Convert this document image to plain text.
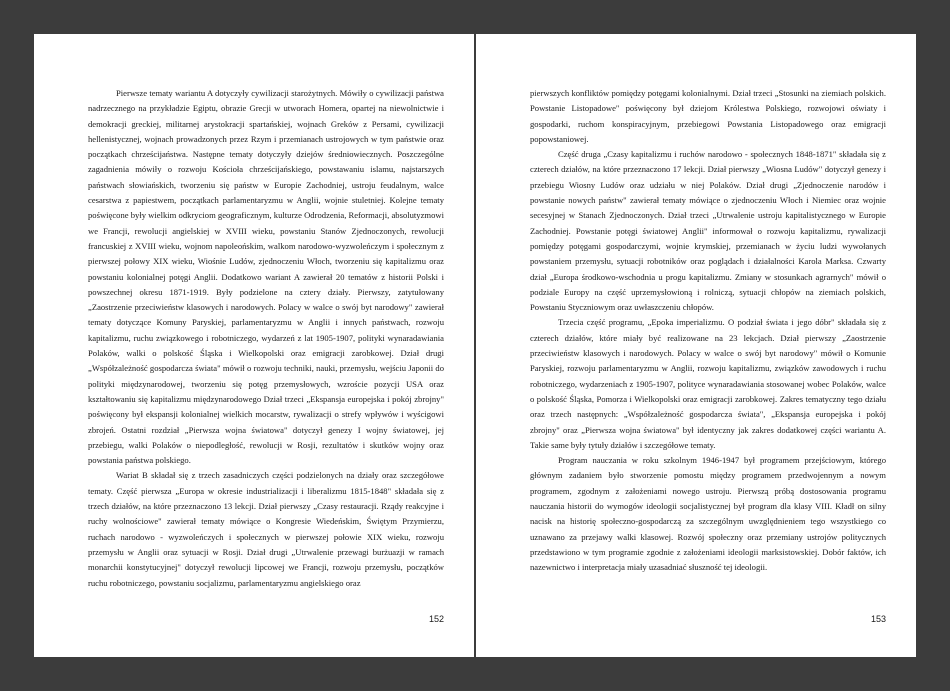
Pierwsze tematy wariantu A dotyczyły cywilizacji starożytnych. Mówiły o cywilizacji państwa nadrzecznego na przykładzie Egiptu, obrazie Grecji w utworach Homera, opartej na niewolnictwie i demokracji greckiej, militarnej arystokracji spartańskiej, wojnach Greków z Persami, cywilizacji hellenistycznej, wojnach prowadzonych przez Rzym i przemianach ustrojowych w tym państwie oraz początkach chrześcijaństwa. Następne tematy dotyczyły dziejów średniowiecznych. Poszczególne zagadnienia mówiły o rozwoju Kościoła chrześcijańskiego, powstawaniu islamu, najstarszych państwach słowiańskich, tworzeniu się państw w Europie Zachodniej, ustroju feudalnym, walce cesarstwa z papiestwem, początkach parlamentaryzmu w Anglii, wojnie stuletniej. Kolejne tematy poświęcone były wielkim odkryciom geograficznym, kulturze Odrodzenia, Reformacji, absolutyzmowi we Francji, rewolucji angielskiej w XVIII wieku, powstaniu Stanów Zjednoczonych, rewolucji francuskiej z XVIII wieku, wojnom napoleońskim, walkom narodowo-wyzwoleńczym i społecznym z pierwszej połowy XIX wieku, Wiośnie Ludów, zjednoczeniu Włoch, tworzeniu się kapitalizmu oraz powstaniu kolonialnej potęgi Anglii. Dodatkowo wariant A zawierał 20 tematów z historii Polski i powszechnej okresu 1871-1919. Były podzielone na cztery działy. Pierwszy, zatytułowany „Zaostrzenie przeciwieństw klasowych i narodowych. Polacy w walce o swój byt narodowy" zawierał tematy dotyczące Komuny Paryskiej, parlamentaryzmu w Anglii i innych państwach, rozwoju kapitalizmu, ruchu związkowego i robotniczego, wydarzeń z lat 1905-1907, polityki wynaradawiania Polaków, walki o polskość Śląska i Wielkopolski oraz emigracji zarobkowej. Dział drugi „Współzależność gospodarcza świata" mówił o rozwoju techniki, nauki, przemysłu, wejściu Japonii do polityki międzynarodowej, tworzeniu się potęg przemysłowych, wzroście pozycji USA oraz kształtowaniu się kapitalizmu międzynarodowego Dział trzeci „Ekspansja europejska i pokój zbrojny" poświęcony był ekspansji kolonialnej wielkich mocarstw, rywalizacji o strefy wpływów i wyścigowi zbrojeń. Ostatni rozdział „Pierwsza wojna światowa" dotyczył genezy I wojny światowej, jej przebiegu, walki Polaków o niepodległość, rewolucji w Rosji, rezultatów i skutków wojny oraz powstania państwa polskiego.

Wariat B składał się z trzech zasadniczych części podzielonych na działy oraz szczegółowe tematy. Część pierwsza „Europa w okresie industrializacji i liberalizmu 1815-1848" składała się z trzech działów, na które przeznaczono 13 lekcji. Dział pierwszy „Czasy restauracji. Rządy reakcyjne i ruchy wolnościowe" zawierał tematy mówiące o Kongresie Wiedeńskim, Świętym Przymierzu, ruchach narodowo - wyzwoleńczych i społecznych w pierwszej połowie XIX wieku, rozwoju przemysłu w Anglii oraz sytuacji w Rosji. Dział drugi „Utrwalenie przewagi burżuazji w ramach monarchii konstytucyjnej" dotyczył rewolucji lipcowej we Francji, rozwoju przemysłu, początków ruchu robotniczego, powstaniu socjalizmu, parlamentaryzmu angielskiego oraz

152

pierwszych konfliktów pomiędzy potęgami kolonialnymi. Dział trzeci „Stosunki na ziemiach polskich. Powstanie Listopadowe" poświęcony był dziejom Królestwa Polskiego, rozwojowi oświaty i gospodarki, ruchom konspiracyjnym, przebiegowi Powstania Listopadowego oraz emigracji popowstaniowej.

Część druga „Czasy kapitalizmu i ruchów narodowo - społecznych 1848-1871" składała się z czterech działów, na które przeznaczono 17 lekcji. Dział pierwszy „Wiosna Ludów" dotyczył genezy i przebiegu Wiosny Ludów oraz udziału w niej Polaków. Dział drugi „Zjednoczenie narodów i powstanie nowych państw" zawierał tematy mówiące o zjednoczeniu Włoch i Niemiec oraz wojnie secesyjnej w Stanach Zjednoczonych. Dział trzeci „Utrwalenie ustroju kapitalistycznego w Europie Zachodniej. Powstanie potęgi światowej Anglii" informował o rozwoju kapitalizmu, rywalizacji pomiędzy potęgami gospodarczymi, wojnie krymskiej, przemianach w życiu ludzi wywołanych powstaniem przemysłu, sytuacji robotników oraz poglądach i działalności Karola Marksa. Czwarty dział „Europa środkowo-wschodnia u progu kapitalizmu. Zmiany w stosunkach agrarnych" mówił o podziale Europy na część uprzemysłowioną i rolniczą, sytuacji chłopów na ziemiach polskich, Powstaniu Styczniowym oraz uwłaszczeniu chłopów.

Trzecia część programu, „Epoka imperializmu. O podział świata i jego dóbr" składała się z czterech działów, które miały być realizowane na 23 lekcjach. Dział pierwszy „Zaostrzenie przeciwieństw klasowych i narodowych. Polacy w walce o swój byt narodowy" mówił o Komunie Paryskiej, rozwoju parlamentaryzmu w Anglii, rozwoju kapitalizmu, związków zawodowych i ruchu robotniczego, wydarzeniach z 1905-1907, polityce wynaradawiania stosowanej wobec Polaków, walce o polskość Śląska, Pomorza i Wielkopolski oraz emigracji zarobkowej. Zakres tematyczny tego działu oraz trzech następnych: „Współzależność gospodarcza świata", „Ekspansja europejska i pokój zbrojny" oraz „Pierwsza wojna światowa" był identyczny jak zakres dodatkowej części wariantu A. Takie same były tytuły działów i szczegółowe tematy.

Program nauczania w roku szkolnym 1946-1947 był programem przejściowym, którego głównym zadaniem było stworzenie pomostu między programem przedwojennym a nowym programem, zgodnym z założeniami nowego ustroju. Pierwszą próbą dostosowania programu nauczania historii do wymogów ideologii socjalistycznej był program dla klasy VIII. Kładł on silny nacisk na historię społeczno-gospodarczą za szczególnym uwzględnieniem tego wszystkiego co uznawano za przejawy walki klasowej. Rozwój społeczny oraz przemiany ustrojów politycznych przedstawiono w tym programie zgodnie z założeniami ideologii marksistowskiej. Dobór faktów, ich nazewnictwo i interpretacja miały uzasadniać słuszność tej ideologii.

153
